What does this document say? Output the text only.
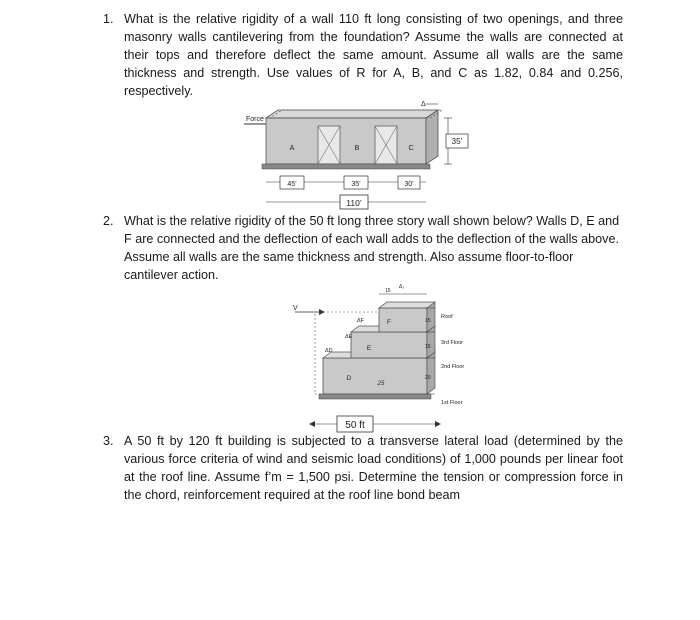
1. What is the relative rigidity of a wall 110 ft long consisting of two openings, and three masonry walls cantilevering from the foundation? Assume the walls are connected at their tops and therefore deflect the same amount. Assume all walls are the same thickness and strength. Use values of R for A, B, and C as 1.82, 0.84 and 0.256, respectively.
Force
A	B	C
Δ
35’
45’	35’	30’
110’
2. What is the relative rigidity of the 50 ft long three story wall shown below? Walls D, E and F are connected and the deflection of each wall adds to the deflection of the walls above. Assume all walls are the same thickness and strength. Also assume floor-to-floor cantilever action.
V
D
25
E
F
ΔF
ΔE
ΔD
15
Δ₁
15
15
20
Roof
3rd Floor
2nd Floor
1st Floor
50 ft
3. A 50 ft by 120 ft building is subjected to a transverse lateral load (determined by the various force criteria of wind and seismic load conditions) of 1,000 pounds per linear foot at the roof line. Assume f’m = 1,500 psi. Determine the tension or compression force in the chord, reinforcement required at the roof line bond beam
